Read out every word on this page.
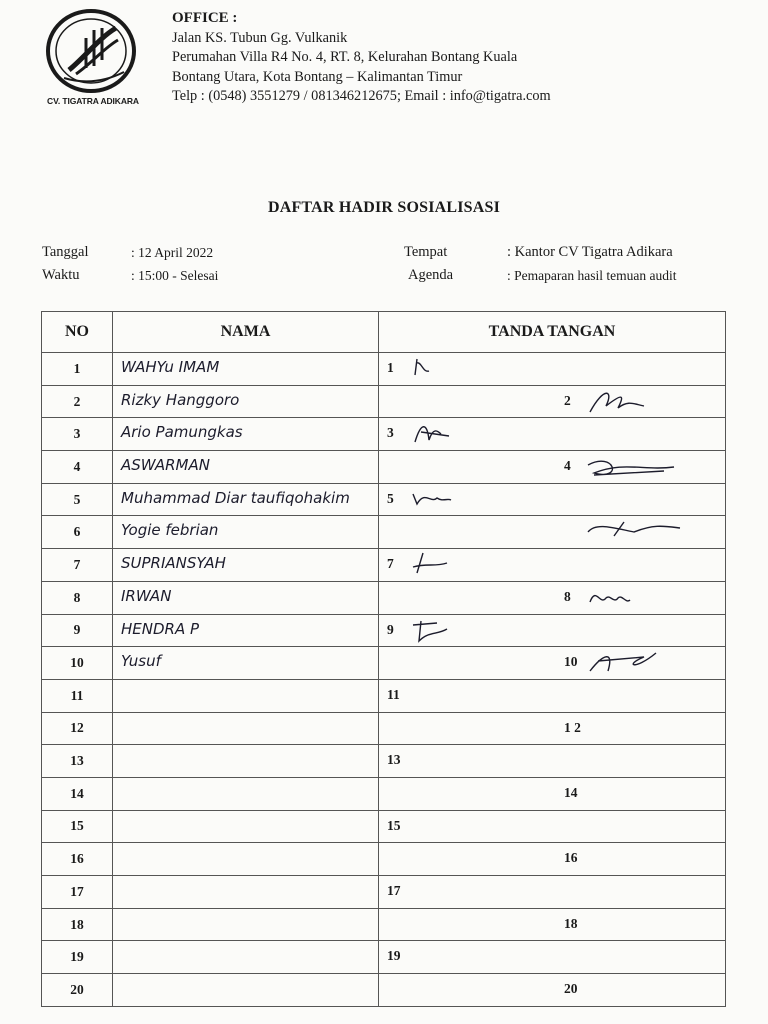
CV. TIGATRA ADIKARA
OFFICE :
Jalan KS. Tubun Gg. Vulkanik
Perumahan Villa R4 No. 4, RT. 8, Kelurahan Bontang Kuala
Bontang Utara, Kota Bontang – Kalimantan Timur
Telp : (0548) 3551279 / 081346212675; Email : info@tigatra.com
DAFTAR HADIR SOSIALISASI
Tanggal	: 12 April 2022
Waktu	: 15:00 - Selesai
Tempat	: Kantor CV Tigatra Adikara
Agenda	: Pemaparan hasil temuan audit
NO	NAMA	TANDA TANGAN
1	WAHYu IMAM	1

2	Rizky Hanggoro	2

3	Ario Pamungkas	3

4	ASWARMAN	4

5	Muhammad Diar taufiqohakim	5

6	Yogie febrian

7	SUPRIANSYAH	7

8	IRWAN	8

9	HENDRA P	9

10	Yusuf	10

11		11

12		1 2

13		13

14		14

15		15

16		16

17		17

18		18

19		19

20		20
